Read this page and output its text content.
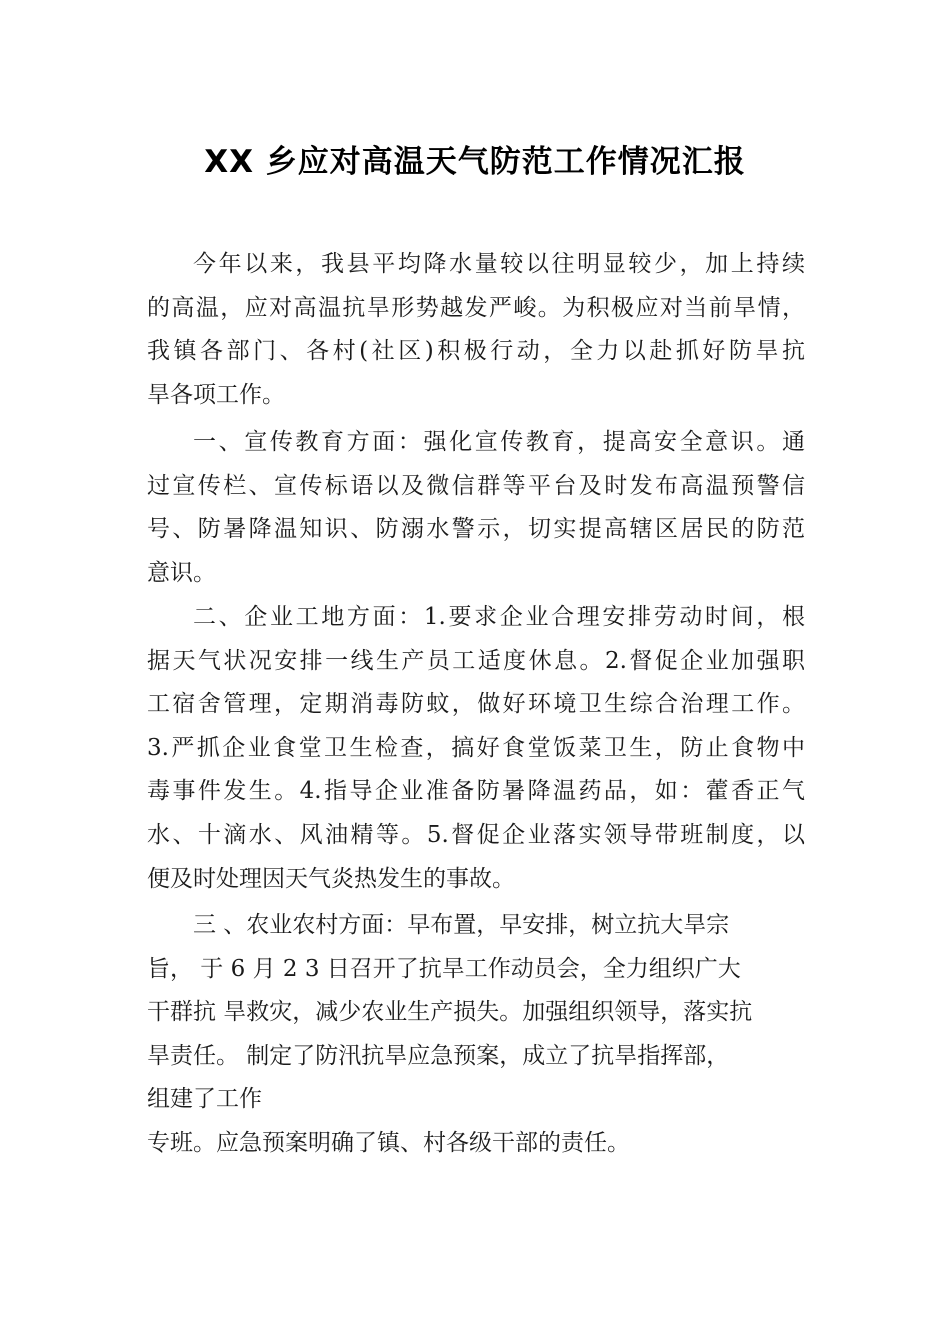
XX 乡应对高温天气防范工作情况汇报
今年以来，我县平均降水量较以往明显较少，加上持续
的高温，应对高温抗旱形势越发严峻。为积极应对当前旱情，
我镇各部门、各村(社区)积极行动，全力以赴抓好防旱抗
旱各项工作。
一、宣传教育方面：强化宣传教育，提高安全意识。通
过宣传栏、宣传标语以及微信群等平台及时发布高温预警信
号、防暑降温知识、防溺水警示，切实提高辖区居民的防范
意识。
二、企业工地方面：1.要求企业合理安排劳动时间，根
据天气状况安排一线生产员工适度休息。2.督促企业加强职
工宿舍管理，定期消毒防蚊，做好环境卫生综合治理工作。
3.严抓企业食堂卫生检查，搞好食堂饭菜卫生，防止食物中
毒事件发生。4.指导企业准备防暑降温药品，如：藿香正气
水、十滴水、风油精等。5.督促企业落实领导带班制度，以
便及时处理因天气炎热发生的事故。
三 、农业农村方面：早布置，早安排，树立抗大旱宗
旨， 于 6 月 2 3 日召开了抗旱工作动员会，全力组织广大
干群抗 旱救灾，减少农业生产损失。加强组织领导，落实抗
旱责任。 制定了防汛抗旱应急预案，成立了抗旱指挥部，
组建了工作
专班。应急预案明确了镇、村各级干部的责任。
